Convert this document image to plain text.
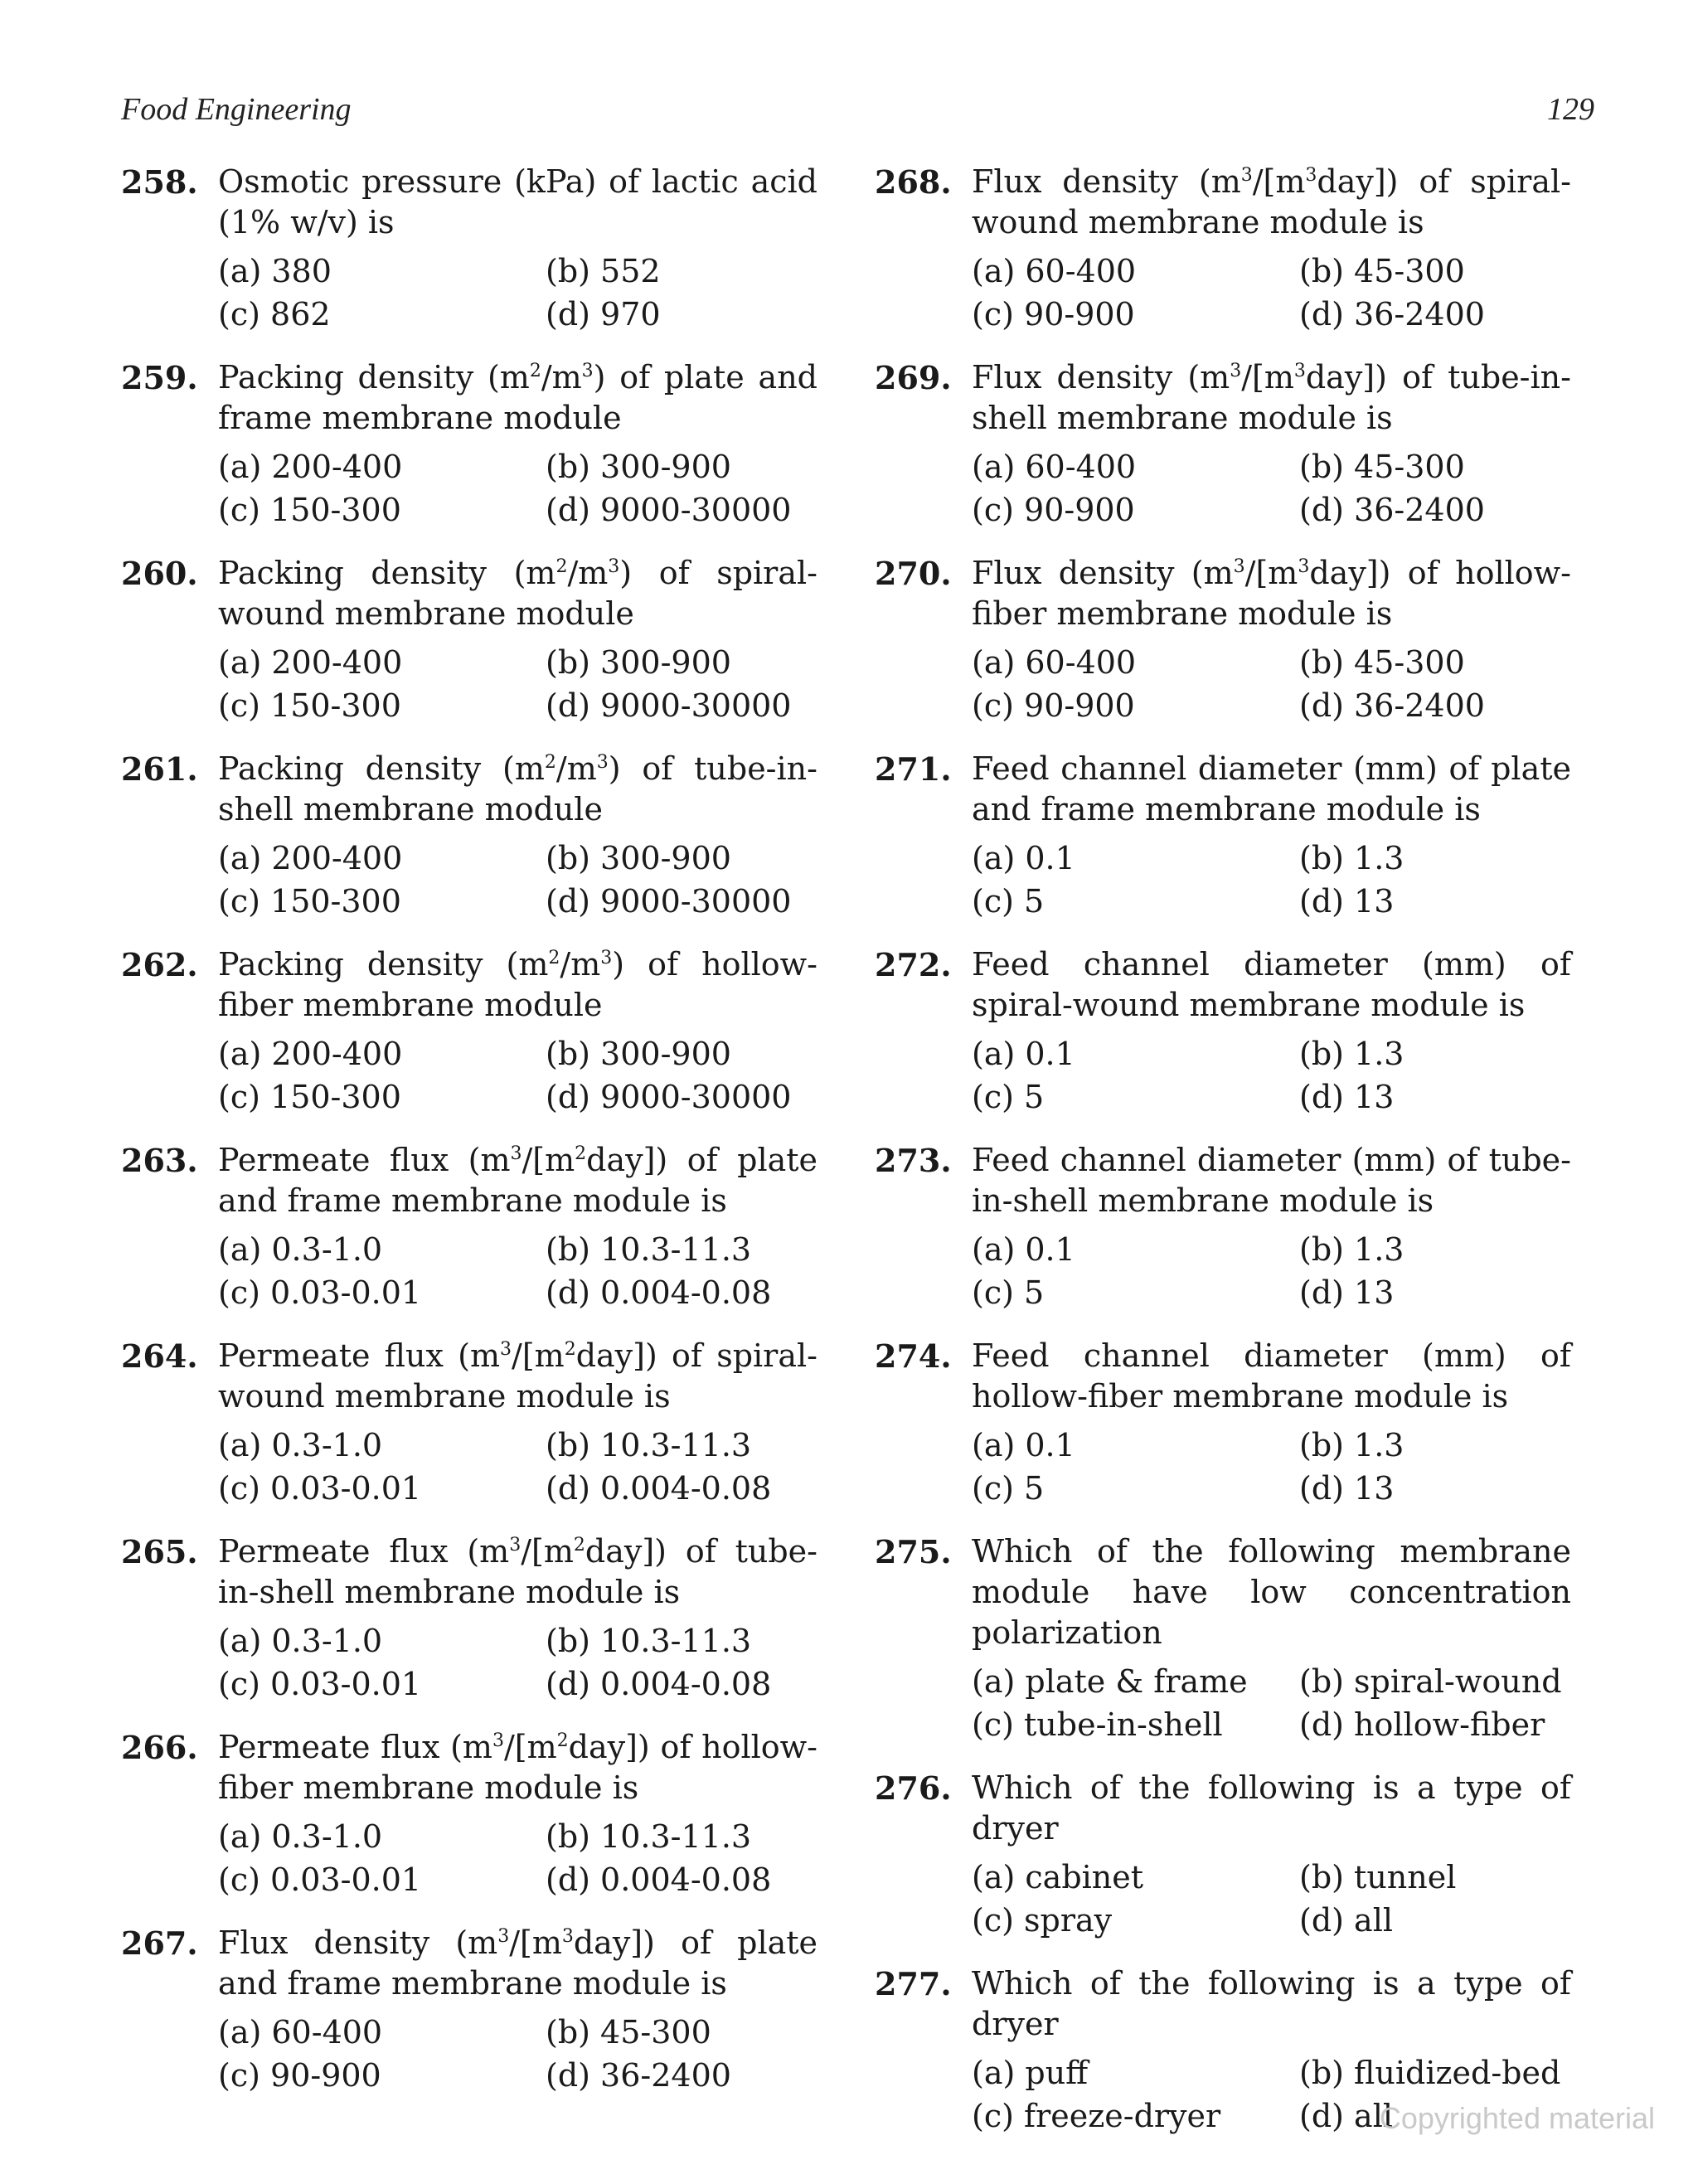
Food Engineering	129
258. Osmotic pressure (kPa) of lactic acid (1% w/v) is
(a) 380	(b) 552
(c) 862	(d) 970
259. Packing density $(m^2/m^3)$ of plate and frame membrane module
(a) 200-400	(b) 300-900
(c) 150-300	(d) 9000-30000
260. Packing density $(m^2/m^3)$ of spiral-wound membrane module
(a) 200-400	(b) 300-900
(c) 150-300	(d) 9000-30000
261. Packing density $(m^2/m^3)$ of tube-in-shell membrane module
(a) 200-400	(b) 300-900
(c) 150-300	(d) 9000-30000
262. Packing density $(m^2/m^3)$ of hollow-fiber membrane module
(a) 200-400	(b) 300-900
(c) 150-300	(d) 9000-30000
263. Permeate flux $(m^3/[m^2day])$ of plate and frame membrane module is
(a) 0.3-1.0	(b) 10.3-11.3
(c) 0.03-0.01	(d) 0.004-0.08
264. Permeate flux $(m^3/[m^2day])$ of spiral-wound membrane module is
(a) 0.3-1.0	(b) 10.3-11.3
(c) 0.03-0.01	(d) 0.004-0.08
265. Permeate flux $(m^3/[m^2day])$ of tube-in-shell membrane module is
(a) 0.3-1.0	(b) 10.3-11.3
(c) 0.03-0.01	(d) 0.004-0.08
266. Permeate flux $(m^3/[m^2day])$ of hollow-fiber membrane module is
(a) 0.3-1.0	(b) 10.3-11.3
(c) 0.03-0.01	(d) 0.004-0.08
267. Flux density $(m^3/[m^3day])$ of plate and frame membrane module is
(a) 60-400	(b) 45-300
(c) 90-900	(d) 36-2400
268. Flux density $(m^3/[m^3day])$ of spiral-wound membrane module is
(a) 60-400	(b) 45-300
(c) 90-900	(d) 36-2400
269. Flux density $(m^3/[m^3day])$ of tube-in-shell membrane module is
(a) 60-400	(b) 45-300
(c) 90-900	(d) 36-2400
270. Flux density $(m^3/[m^3day])$ of hollow-fiber membrane module is
(a) 60-400	(b) 45-300
(c) 90-900	(d) 36-2400
271. Feed channel diameter (mm) of plate and frame membrane module is
(a) 0.1	(b) 1.3
(c) 5	(d) 13
272. Feed channel diameter (mm) of spiral-wound membrane module is
(a) 0.1	(b) 1.3
(c) 5	(d) 13
273. Feed channel diameter (mm) of tube-in-shell membrane module is
(a) 0.1	(b) 1.3
(c) 5	(d) 13
274. Feed channel diameter (mm) of hollow-fiber membrane module is
(a) 0.1	(b) 1.3
(c) 5	(d) 13
275. Which of the following membrane module have low concentration polarization
(a) plate & frame	(b) spiral-wound
(c) tube-in-shell	(d) hollow-fiber
276. Which of the following is a type of dryer
(a) cabinet	(b) tunnel
(c) spray	(d) all
277. Which of the following is a type of dryer
(a) puff	(b) fluidized-bed
(c) freeze-dryer	(d) all
Copyrighted material
